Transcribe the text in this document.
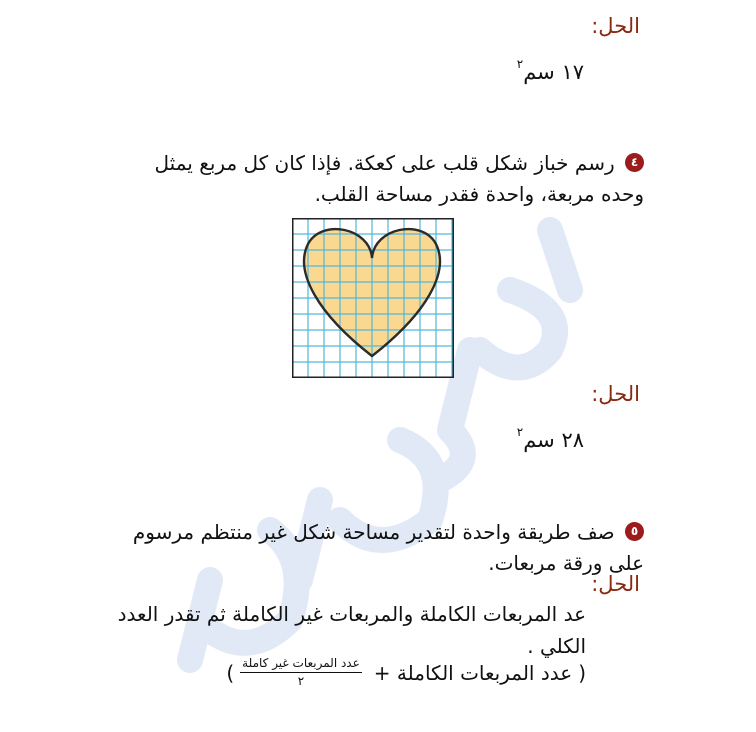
الحل:
١٧ سم$^٢$
٤ رسم خباز شكل قلب على كعكة. فإذا كان كل مربع يمثل وحده مربعة، واحدة فقدر مساحة القلب.
الحل:
٢٨ سم$^٢$
٥ صف طريقة واحدة لتقدير مساحة شكل غير منتظم مرسوم على ورقة مربعات.
الحل:
عد المربعات الكاملة والمربعات غير الكاملة ثم تقدر العدد الكلي .
(
عدد المربعات الكاملة +
$\frac{\text{عدد المربعات غير كاملة}}{٢}$
)
